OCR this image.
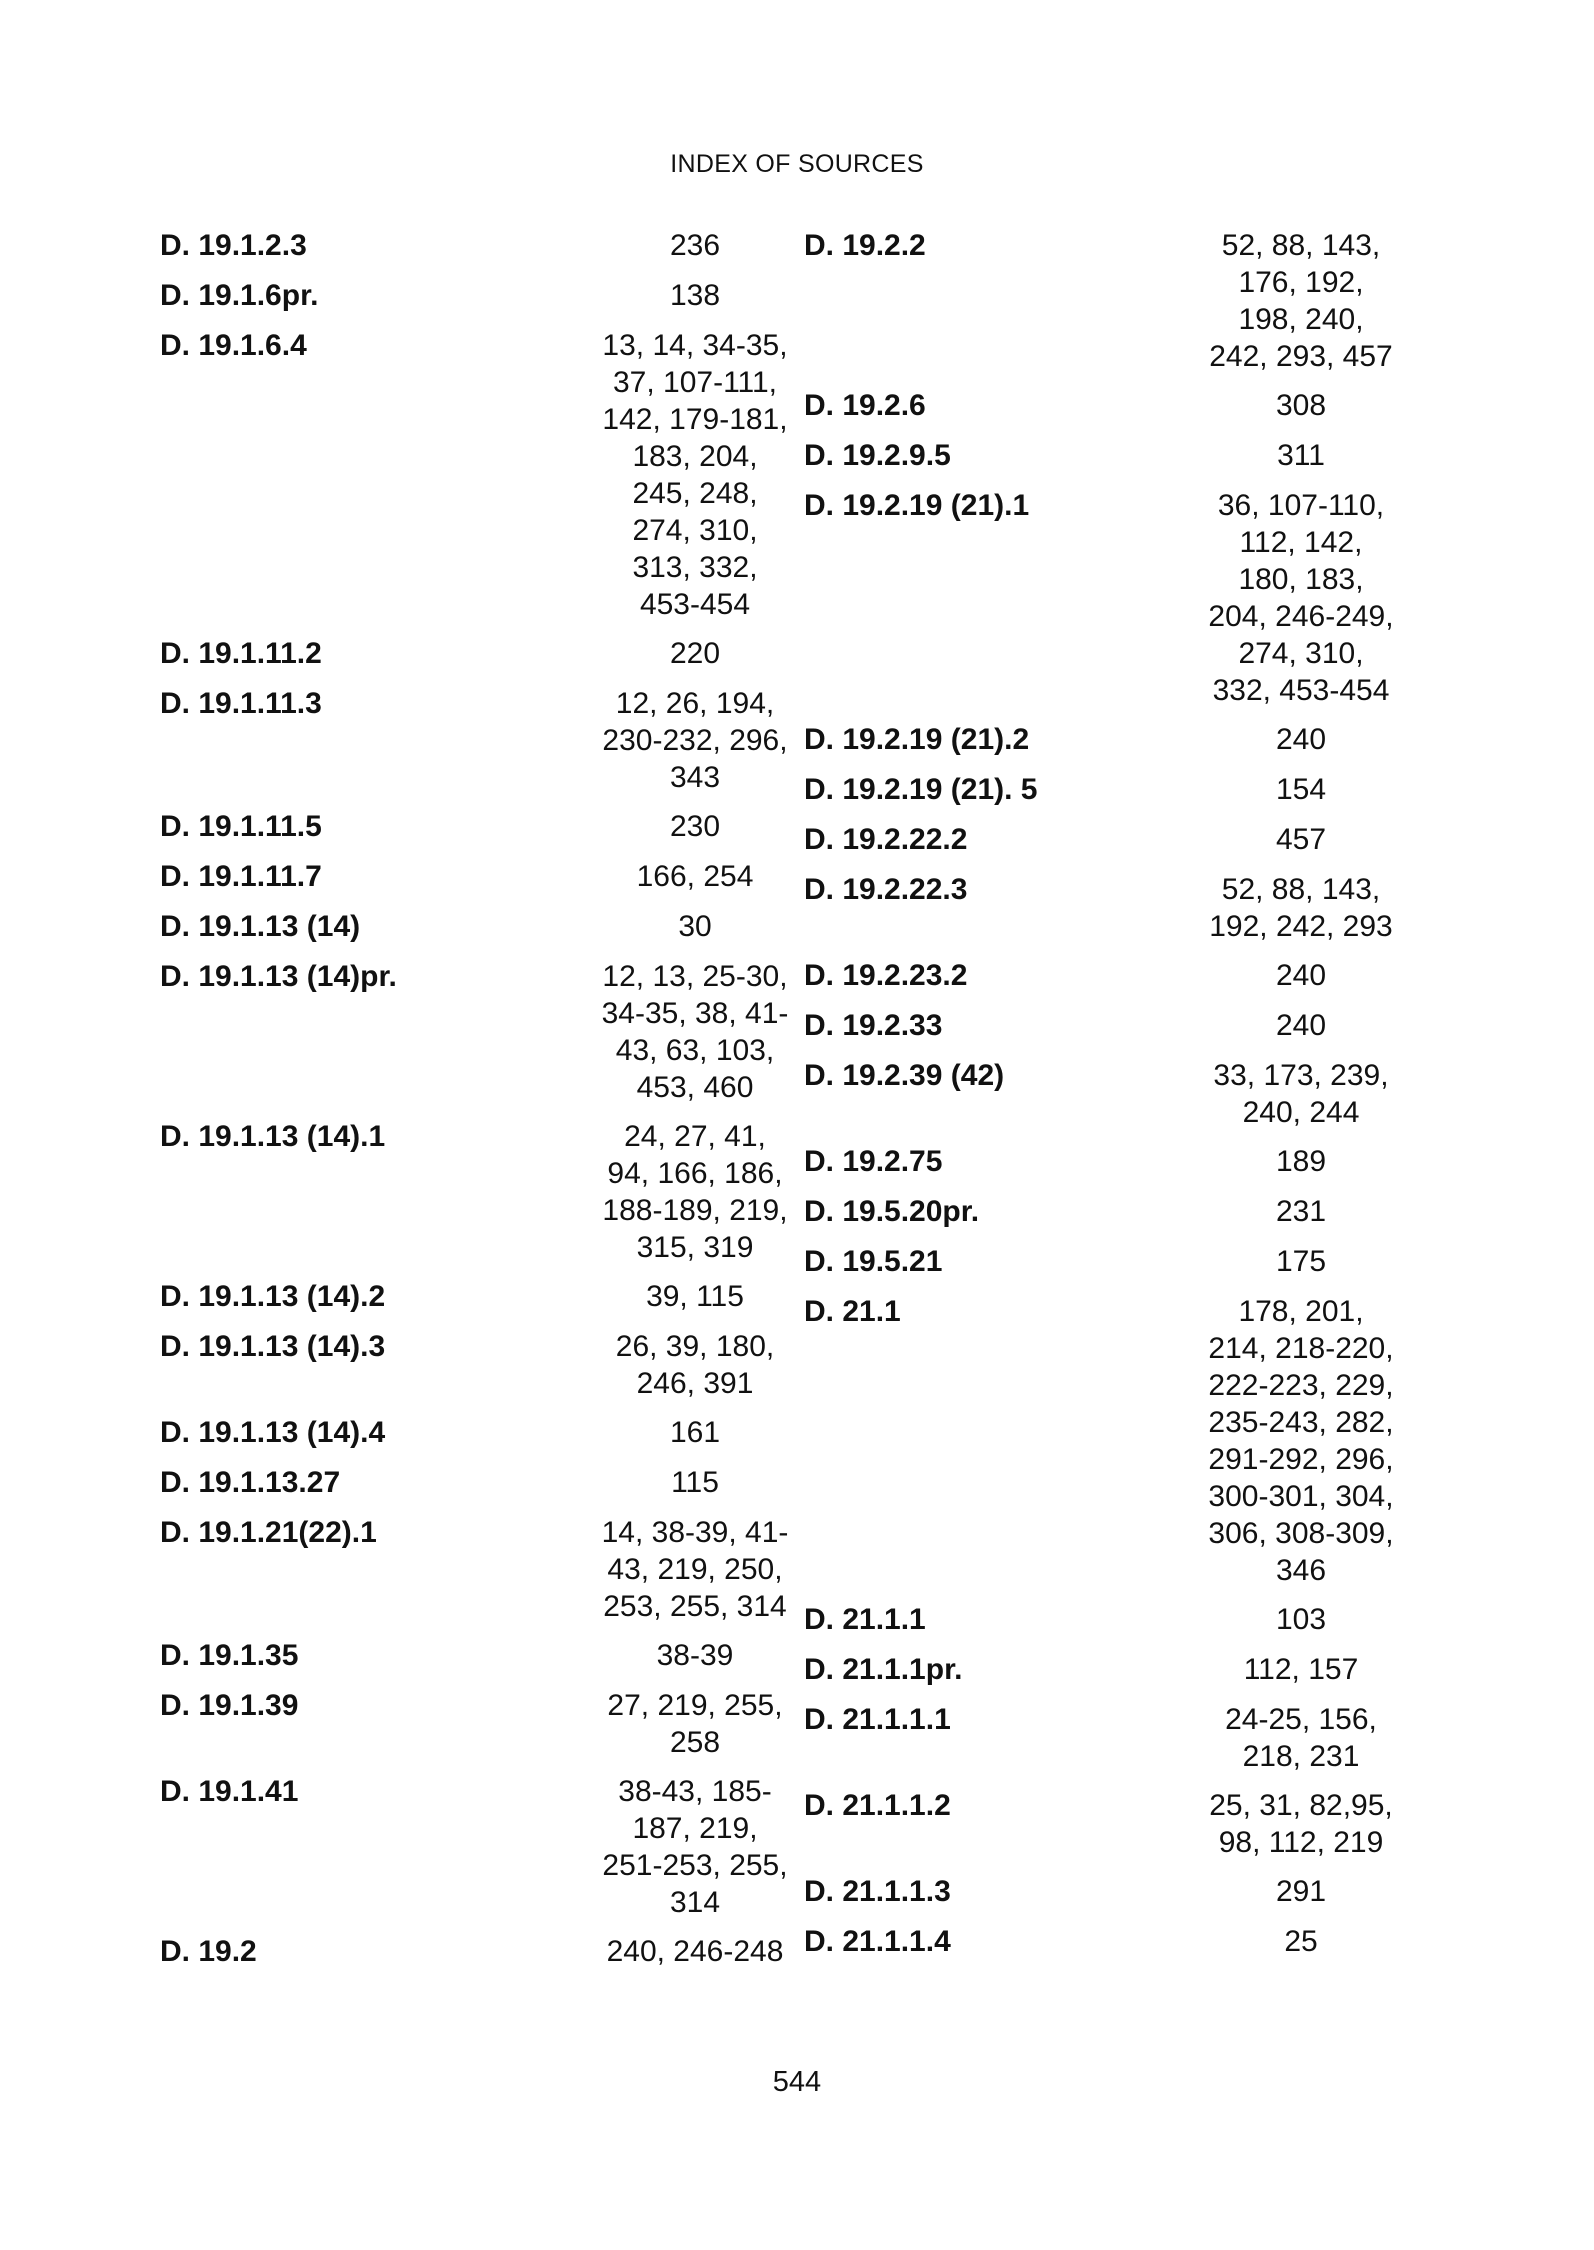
INDEX OF SOURCES
D. 19.1.2.3	236
D. 19.1.6pr.	138
D. 19.1.6.4	13, 14, 34-35,
37, 107-111,
142, 179-181,
183, 204,
245, 248,
274, 310,
313, 332,
453-454
D. 19.1.11.2	220
D. 19.1.11.3	12, 26, 194,
230-232, 296,
343
D. 19.1.11.5	230
D. 19.1.11.7	166, 254
D. 19.1.13 (14)	30
D. 19.1.13 (14)pr.	12, 13, 25-30,
34-35, 38, 41-
43, 63, 103,
453, 460
D. 19.1.13 (14).1	24, 27, 41,
94, 166, 186,
188-189, 219,
315, 319
D. 19.1.13 (14).2	39, 115
D. 19.1.13 (14).3	26, 39, 180,
246, 391
D. 19.1.13 (14).4	161
D. 19.1.13.27	115
D. 19.1.21(22).1	14, 38-39, 41-
43, 219, 250,
253, 255, 314
D. 19.1.35	38-39
D. 19.1.39	27, 219, 255,
258
D. 19.1.41	38-43, 185-
187, 219,
251-253, 255,
314
D. 19.2	240, 246-248
D. 19.2.2	52, 88, 143,
176, 192,
198, 240,
242, 293, 457
D. 19.2.6	308
D. 19.2.9.5	311
D. 19.2.19 (21).1	36, 107-110,
112, 142,
180, 183,
204, 246-249,
274, 310,
332, 453-454
D. 19.2.19 (21).2	240
D. 19.2.19 (21). 5	154
D. 19.2.22.2	457
D. 19.2.22.3	52, 88, 143,
192, 242, 293
D. 19.2.23.2	240
D. 19.2.33	240
D. 19.2.39 (42)	33, 173, 239,
240, 244
D. 19.2.75	189
D. 19.5.20pr.	231
D. 19.5.21	175
D. 21.1	178, 201,
214, 218-220,
222-223, 229,
235-243, 282,
291-292, 296,
300-301, 304,
306, 308-309,
346
D. 21.1.1	103
D. 21.1.1pr.	112, 157
D. 21.1.1.1	24-25, 156,
218, 231
D. 21.1.1.2	25, 31, 82,95,
98, 112, 219
D. 21.1.1.3	291
D. 21.1.1.4	25
544
